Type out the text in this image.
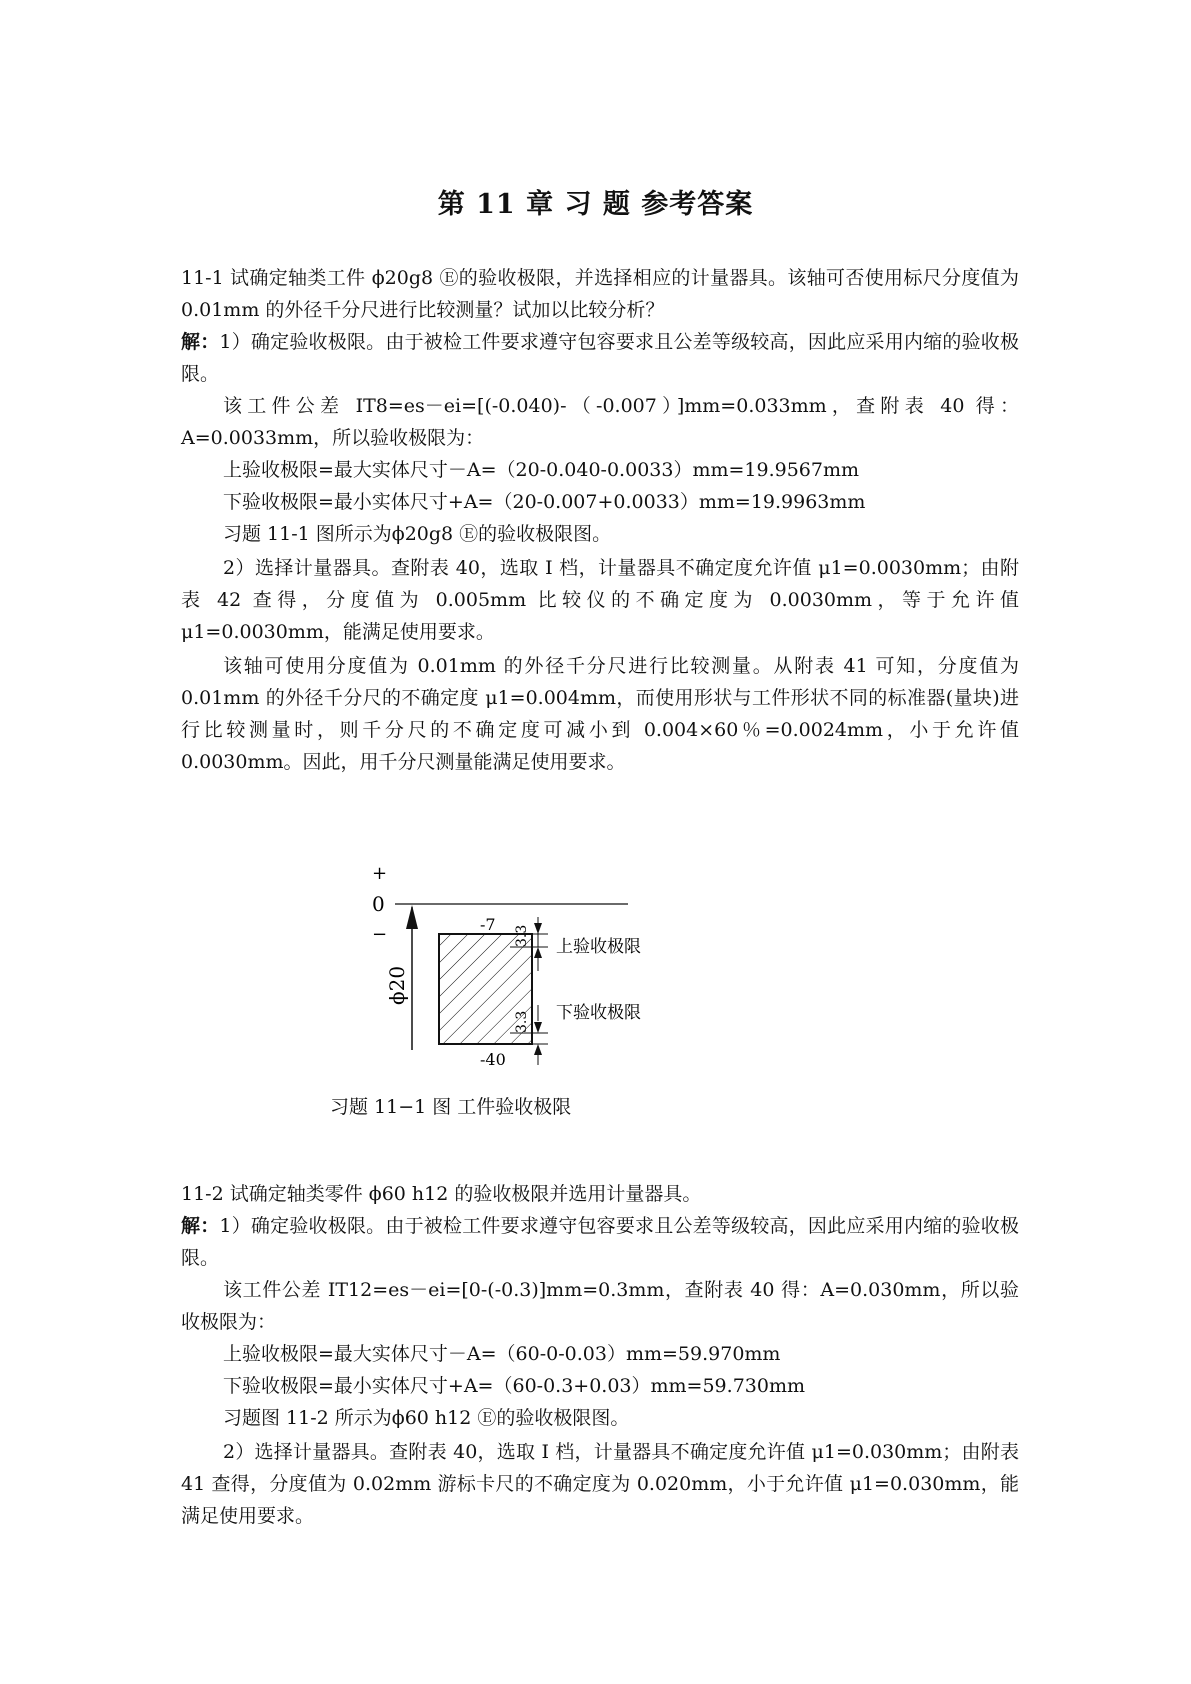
第 11 章 习 题 参考答案
11-1 试确定轴类工件 ϕ20g8 Ⓔ的验收极限，并选择相应的计量器具。该轴可否使用标尺分度值为 0.01mm 的外径千分尺进行比较测量？试加以比较分析？
解：1）确定验收极限。由于被检工件要求遵守包容要求且公差等级较高，因此应采用内缩的验收极限。
该工件公差 IT8=es－ei=[(-0.040)-（-0.007）]mm=0.033mm，查附表 40 得：A=0.0033mm，所以验收极限为：
上验收极限=最大实体尺寸－A=（20-0.040-0.0033）mm=19.9567mm
下验收极限=最小实体尺寸+A=（20-0.007+0.0033）mm=19.9963mm
习题 11-1 图所示为ϕ20g8 Ⓔ的验收极限图。
2）选择计量器具。查附表 40，选取 I 档，计量器具不确定度允许值 μ1=0.0030mm；由附表 42 查得，分度值为 0.005mm 比较仪的不确定度为 0.0030mm，等于允许值 μ1=0.0030mm，能满足使用要求。
该轴可使用分度值为 0.01mm 的外径千分尺进行比较测量。从附表 41 可知，分度值为 0.01mm 的外径千分尺的不确定度 μ1=0.004mm，而使用形状与工件形状不同的标准器(量块)进行比较测量时，则千分尺的不确定度可减小到 0.004×60％=0.0024mm，小于允许值 0.0030mm。因此，用千分尺测量能满足使用要求。
+
0
−
ϕ20
-7
-40
3.3
3.3
上验收极限
下验收极限
习题 11−1 图 工件验收极限
11-2 试确定轴类零件 ϕ60 h12 的验收极限并选用计量器具。
解：1）确定验收极限。由于被检工件要求遵守包容要求且公差等级较高，因此应采用内缩的验收极限。
该工件公差 IT12=es－ei=[0-(-0.3)]mm=0.3mm，查附表 40 得：A=0.030mm，所以验收极限为：
上验收极限=最大实体尺寸－A=（60-0-0.03）mm=59.970mm
下验收极限=最小实体尺寸+A=（60-0.3+0.03）mm=59.730mm
习题图 11-2 所示为ϕ60 h12 Ⓔ的验收极限图。
2）选择计量器具。查附表 40，选取 I 档，计量器具不确定度允许值 μ1=0.030mm；由附表 41 查得，分度值为 0.02mm 游标卡尺的不确定度为 0.020mm，小于允许值 μ1=0.030mm，能满足使用要求。
